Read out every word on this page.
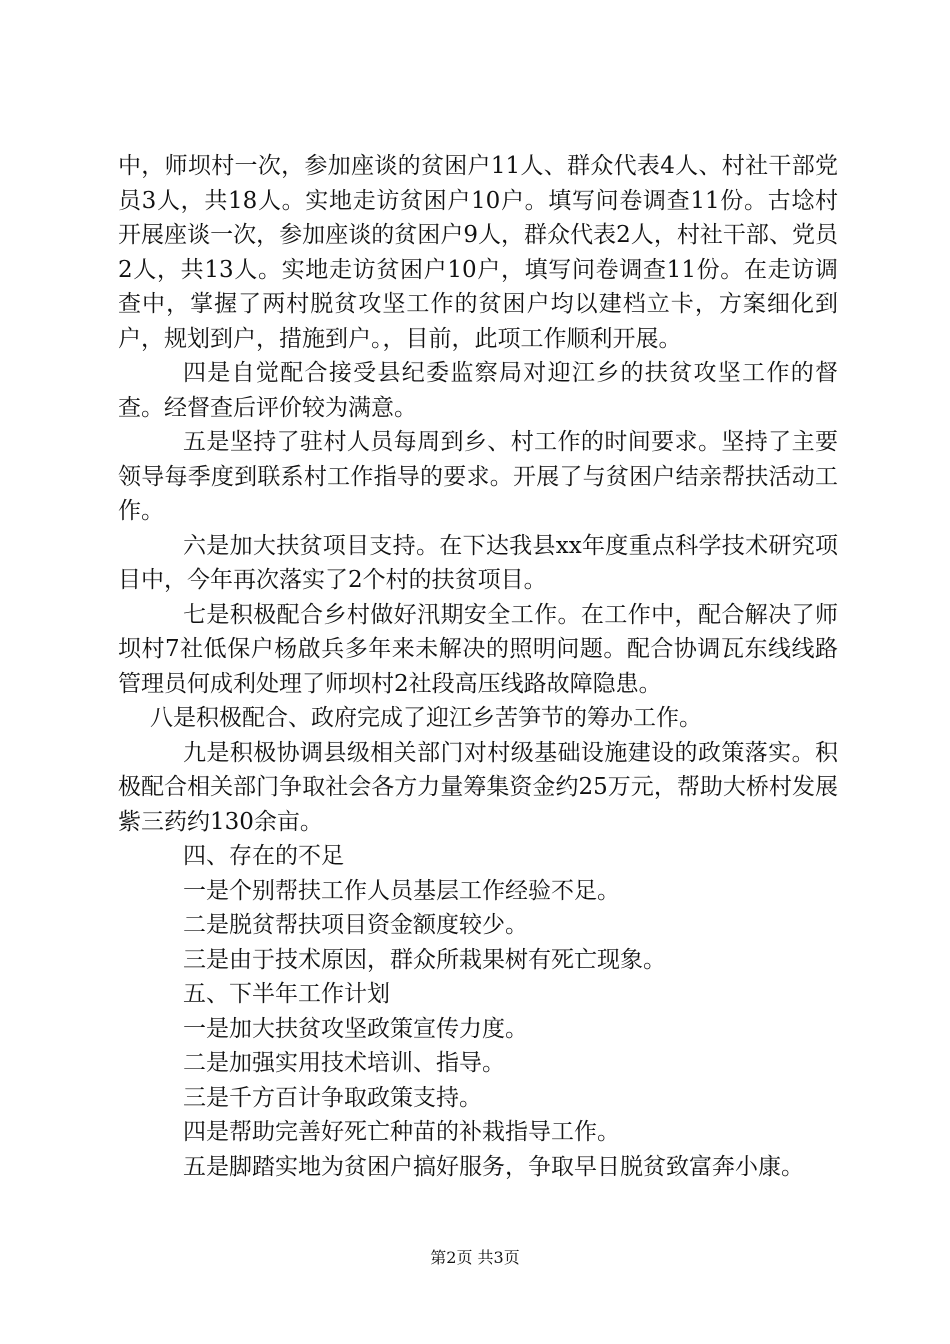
中，师坝村一次，参加座谈的贫困户11人、群众代表4人、村社干部党员3人，共18人。实地走访贫困户10户。填写问卷调查11份。古埝村开展座谈一次，参加座谈的贫困户9人，群众代表2人，村社干部、党员2人，共13人。实地走访贫困户10户，填写问卷调查11份。在走访调查中，掌握了两村脱贫攻坚工作的贫困户均以建档立卡，方案细化到户，规划到户，措施到户。，目前，此项工作顺利开展。

四是自觉配合接受县纪委监察局对迎江乡的扶贫攻坚工作的督查。经督查后评价较为满意。

五是坚持了驻村人员每周到乡、村工作的时间要求。坚持了主要领导每季度到联系村工作指导的要求。开展了与贫困户结亲帮扶活动工作。

六是加大扶贫项目支持。在下达我县xx年度重点科学技术研究项目中，今年再次落实了2个村的扶贫项目。

七是积极配合乡村做好汛期安全工作。在工作中，配合解决了师坝村7社低保户杨啟兵多年来未解决的照明问题。配合协调瓦东线线路管理员何成利处理了师坝村2社段高压线路故障隐患。

八是积极配合、政府完成了迎江乡苦笋节的筹办工作。

九是积极协调县级相关部门对村级基础设施建设的政策落实。积极配合相关部门争取社会各方力量筹集资金约25万元，帮助大桥村发展紫三药约130余亩。

四、存在的不足

一是个别帮扶工作人员基层工作经验不足。

二是脱贫帮扶项目资金额度较少。

三是由于技术原因，群众所栽果树有死亡现象。

五、下半年工作计划

一是加大扶贫攻坚政策宣传力度。

二是加强实用技术培训、指导。

三是千方百计争取政策支持。

四是帮助完善好死亡种苗的补栽指导工作。

五是脚踏实地为贫困户搞好服务，争取早日脱贫致富奔小康。

第2页 共3页
